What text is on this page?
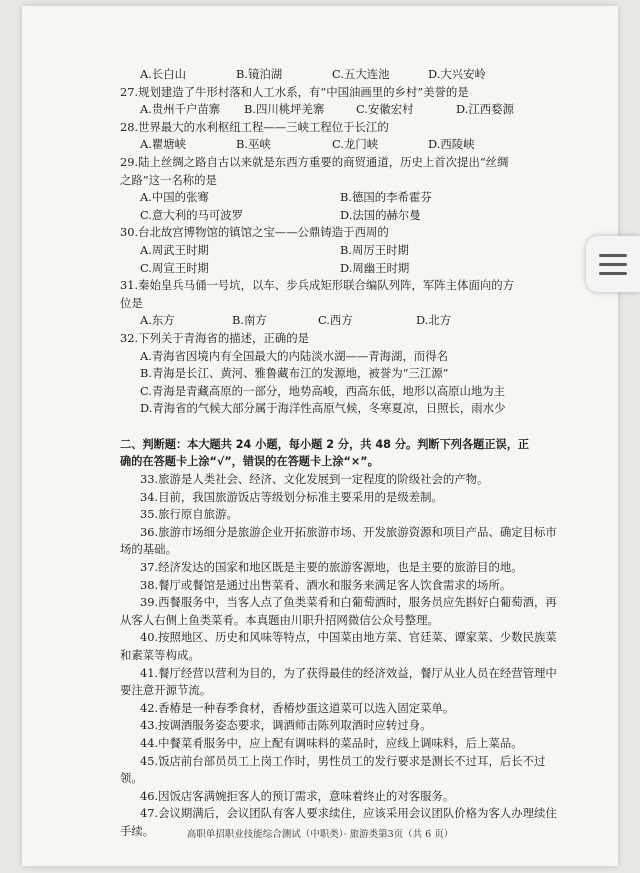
A.长白山	B.镜泊湖	C.五大连池	D.大兴安岭
27.规划建造了牛形村落和人工水系，有“中国油画里的乡村”美誉的是
A.贵州千户苗寨	B.四川桃坪羌寨	C.安徽宏村	D.江西婺源
28.世界最大的水利枢纽工程——三峡工程位于长江的
A.瞿塘峡	B.巫峡	C.龙门峡	D.西陵峡
29.陆上丝绸之路自古以来就是东西方重要的商贸通道，历史上首次提出“丝绸
之路”这一名称的是
A.中国的张骞	B.德国的李希霍芬
C.意大利的马可波罗	D.法国的赫尔曼
30.台北故宫博物馆的镇馆之宝——公鼎铸造于西周的
A.周武王时期	B.周厉王时期
C.周宣王时期	D.周幽王时期
31.秦始皇兵马俑一号坑，以车、步兵成矩形联合编队列阵，军阵主体面向的方
位是
A.东方	B.南方	C.西方	D.北方
32.下列关于青海省的描述，正确的是
A.青海省因境内有全国最大的内陆淡水湖——青海湖，而得名
B.青海是长江、黄河、雅鲁藏布江的发源地，被誉为“三江源”
C.青海是青藏高原的一部分，地势高峻，西高东低，地形以高原山地为主
D.青海省的气候大部分属于海洋性高原气候，冬寒夏凉，日照长，雨水少
二、判断题：本大题共 24 小题，每小题 2 分，共 48 分。判断下列各题正误，正
确的在答题卡上涂“√”，错误的在答题卡上涂“×”。
33.旅游是人类社会、经济、文化发展到一定程度的阶级社会的产物。
34.目前，我国旅游饭店等级划分标准主要采用的是级差制。
35.旅行原自旅游。
36.旅游市场细分是旅游企业开拓旅游市场、开发旅游资源和项目产品、确定目标市场的基础。
37.经济发达的国家和地区既是主要的旅游客源地，也是主要的旅游目的地。
38.餐厅或餐馆是通过出售菜肴、酒水和服务来满足客人饮食需求的场所。
39.西餐服务中，当客人点了鱼类菜肴和白葡萄酒时，服务员应先斟好白葡萄酒，再从客人右侧上鱼类菜肴。本真题由川职升招网微信公众号整理。
40.按照地区、历史和风味等特点，中国菜由地方菜、官廷菜、谭家菜、少数民族菜和素菜等构成。
41.餐厅经营以营利为目的，为了获得最佳的经济效益，餐厅从业人员在经营管理中要注意开源节流。
42.香椿是一种春季食材，香椿炒蛋这道菜可以选入固定菜单。
43.按调酒服务姿态要求，调酒师击陈列取酒时应转过身。
44.中餐菜肴服务中，应上配有调味料的菜品时，应线上调味料，后上菜品。
45.饭店前台部员员工上岗工作时，男性员工的发行要求是测长不过耳，后长不过领。
46.因饭店客满婉拒客人的预订需求，意味着终止的对客服务。
47.会议期满后，会议团队有客人要求续住，应该采用会议团队价格为客人办理续住手续。	高职单招职业技能综合测试（中职类）· 旅游类第3页（共 6 页）
